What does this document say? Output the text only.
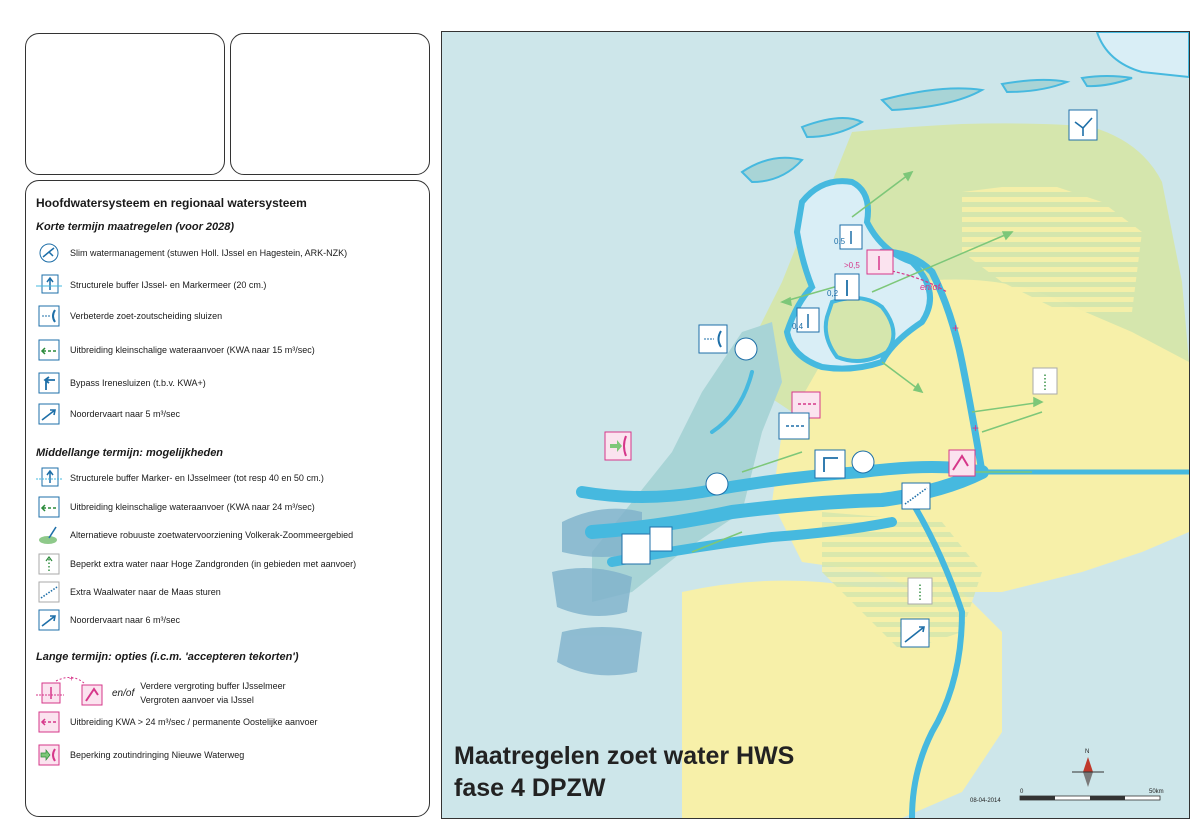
Hoofdwatersysteem en regionaal watersysteem
Korte termijn maatregelen (voor 2028)
Slim watermanagement (stuwen Holl. IJssel en Hagestein, ARK-NZK)
Structurele buffer IJssel- en Markermeer (20 cm.)
Verbeterde zoet-zoutscheiding sluizen
Uitbreiding kleinschalige wateraanvoer (KWA naar 15 m³/sec)
Bypass Irenesluizen (t.b.v. KWA+)
Noordervaart naar 5 m³/sec
Middellange termijn: mogelijkheden
Structurele buffer Marker- en IJsselmeer (tot resp 40 en 50 cm.)
Uitbreiding kleinschalige wateraanvoer (KWA naar 24 m³/sec)
Alternatieve robuuste zoetwatervoorziening Volkerak-Zoommeergebied
Beperkt extra water naar Hoge Zandgronden (in gebieden met aanvoer)
Extra Waalwater naar de Maas sturen
Noordervaart naar 6 m³/sec
Lange termijn: opties (i.c.m. 'accepteren tekorten')
+
en/of
Verdere vergroting buffer IJsselmeer
Vergroten aanvoer via IJssel
Uitbreiding KWA > 24 m³/sec / permanente Oostelijke aanvoer
Beperking zoutindringing Nieuwe Waterweg
en/of
+
+
>0,5
0,5
0,2
0,4
N
0	50km
08-04-2014
Maatregelen zoet water HWS
fase 4 DPZW
